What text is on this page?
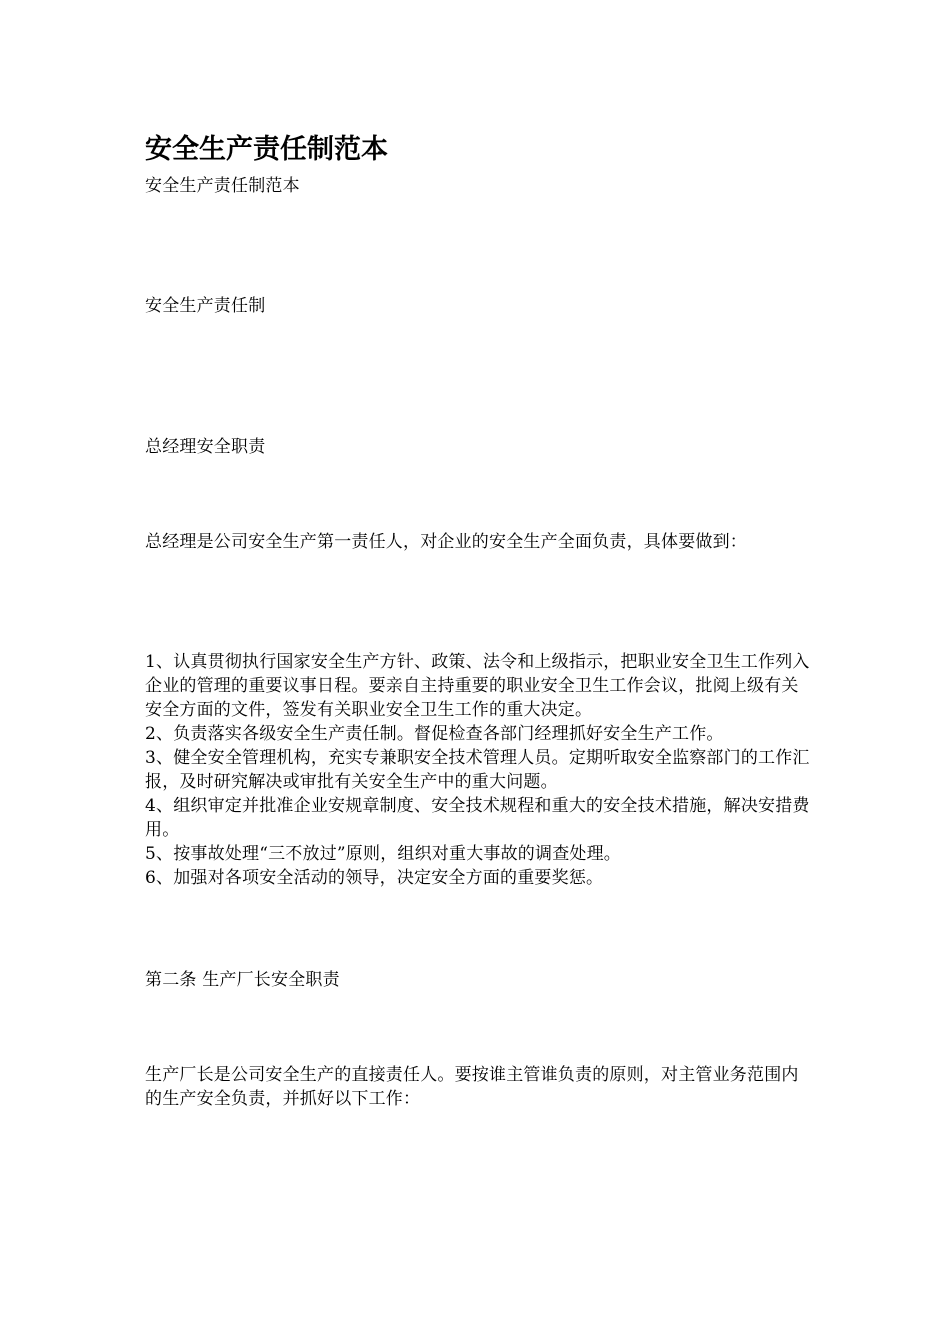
安全生产责任制范本

安全生产责任制范本

安全生产责任制

总经理安全职责

总经理是公司安全生产第一责任人，对企业的安全生产全面负责，具体要做到：

1、认真贯彻执行国家安全生产方针、政策、法令和上级指示，把职业安全卫生工作列入企业的管理的重要议事日程。要亲自主持重要的职业安全卫生工作会议，批阅上级有关安全方面的文件，签发有关职业安全卫生工作的重大决定。
2、负责落实各级安全生产责任制。督促检查各部门经理抓好安全生产工作。
3、健全安全管理机构，充实专兼职安全技术管理人员。定期听取安全监察部门的工作汇报，及时研究解决或审批有关安全生产中的重大问题。
4、组织审定并批准企业安规章制度、安全技术规程和重大的安全技术措施，解决安措费用。
5、按事故处理“三不放过”原则，组织对重大事故的调查处理。
6、加强对各项安全活动的领导，决定安全方面的重要奖惩。

第二条 生产厂长安全职责

生产厂长是公司安全生产的直接责任人。要按谁主管谁负责的原则，对主管业务范围内的生产安全负责，并抓好以下工作：
